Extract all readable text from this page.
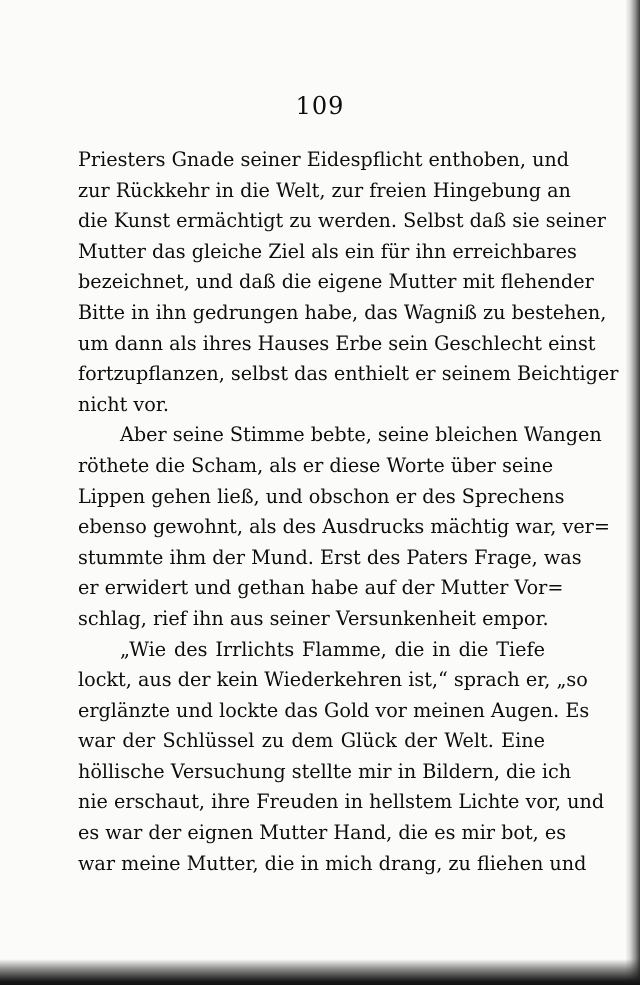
109
Priesters Gnade seiner Eidespflicht enthoben, und
zur Rückkehr in die Welt, zur freien Hingebung an
die Kunst ermächtigt zu werden. Selbst daß sie seiner
Mutter das gleiche Ziel als ein für ihn erreichbares
bezeichnet, und daß die eigene Mutter mit flehender
Bitte in ihn gedrungen habe, das Wagniß zu bestehen,
um dann als ihres Hauses Erbe sein Geschlecht einst
fortzupflanzen, selbst das enthielt er seinem Beichtiger
nicht vor.
Aber seine Stimme bebte, seine bleichen Wangen
röthete die Scham, als er diese Worte über seine
Lippen gehen ließ, und obschon er des Sprechens
ebenso gewohnt, als des Ausdrucks mächtig war, ver=
stummte ihm der Mund. Erst des Paters Frage, was
er erwidert und gethan habe auf der Mutter Vor=
schlag, rief ihn aus seiner Versunkenheit empor.
„Wie des Irrlichts Flamme, die in die Tiefe
lockt, aus der kein Wiederkehren ist,“ sprach er, „so
erglänzte und lockte das Gold vor meinen Augen. Es
war der Schlüssel zu dem Glück der Welt. Eine
höllische Versuchung stellte mir in Bildern, die ich
nie erschaut, ihre Freuden in hellstem Lichte vor, und
es war der eignen Mutter Hand, die es mir bot, es
war meine Mutter, die in mich drang, zu fliehen und
